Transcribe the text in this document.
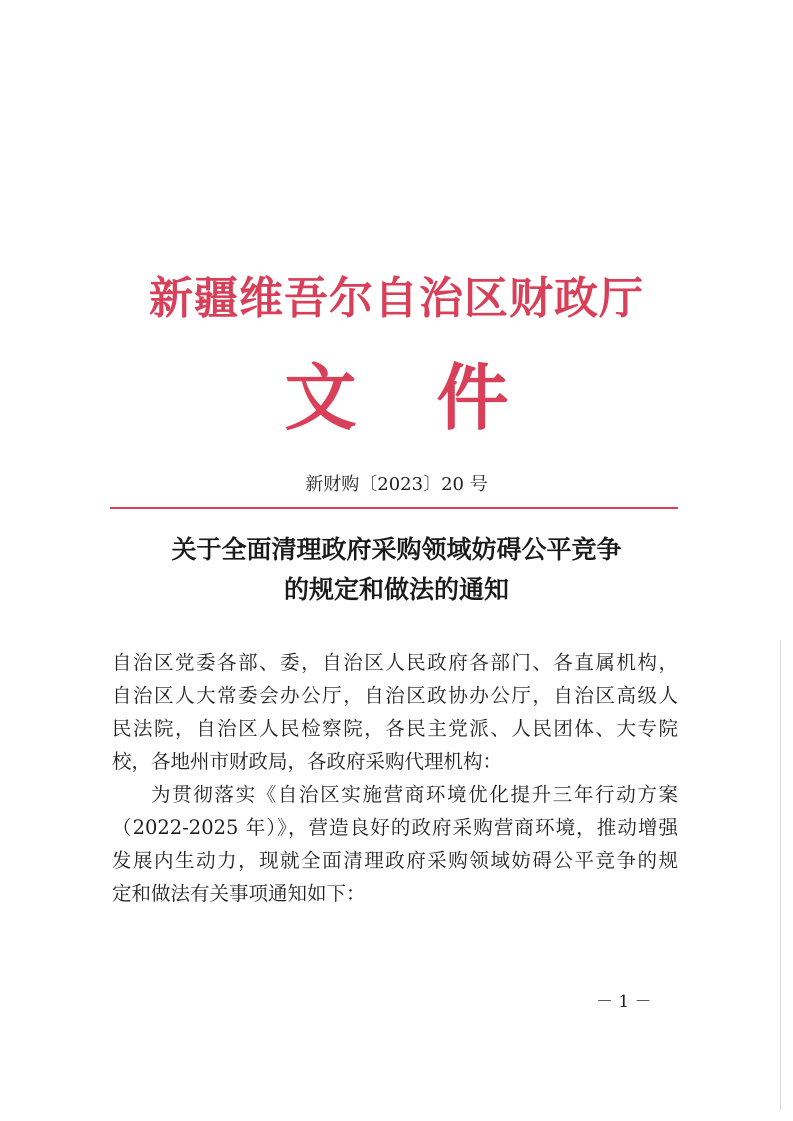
新疆维吾尔自治区财政厅
文件
新财购〔2023〕20 号
关于全面清理政府采购领域妨碍公平竞争
的规定和做法的通知
自治区党委各部、委，自治区人民政府各部门、各直属机构，
自治区人大常委会办公厅，自治区政协办公厅，自治区高级人
民法院，自治区人民检察院，各民主党派、人民团体、大专院
校，各地州市财政局，各政府采购代理机构：
为贯彻落实《自治区实施营商环境优化提升三年行动方案
（2022-2025 年）》，营造良好的政府采购营商环境，推动增强
发展内生动力，现就全面清理政府采购领域妨碍公平竞争的规
定和做法有关事项通知如下：
－ 1 －
